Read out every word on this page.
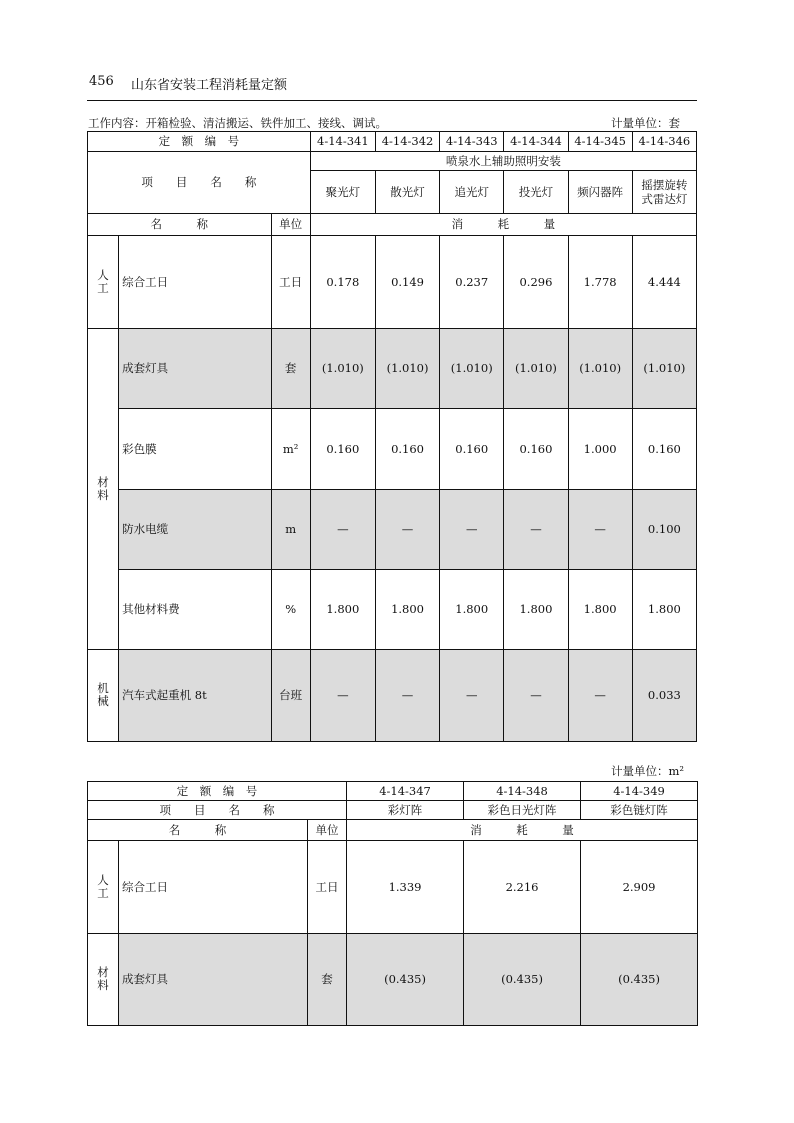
456 山东省安装工程消耗量定额
工作内容：开箱检验、清洁搬运、铁件加工、接线、调试。	计量单位：套
定　额　编　号			4-14-341	4-14-342	4-14-343	4-14-344	4-14-345	4-14-346
项　　目　　名　　称			喷泉水上辅助照明安装					
			聚光灯	散光灯	追光灯	投光灯	频闪器阵	摇摆旋转式雷达灯
名　　　称		单位	消　　　耗　　　量					
人工	综合工日	工日	0.178	0.149	0.237	0.296	1.778	4.444
材料	成套灯具	套	(1.010)	(1.010)	(1.010)	(1.010)	(1.010)	(1.010)
	彩色膜	m²	0.160	0.160	0.160	0.160	1.000	0.160
	防水电缆	m	—	—	—	—	—	0.100
	其他材料费	%	1.800	1.800	1.800	1.800	1.800	1.800
机械	汽车式起重机 8t	台班	—	—	—	—	—	0.033
计量单位：m²
定　额　编　号			4-14-347	4-14-348	4-14-349
项　　目　　名　　称			彩灯阵	彩色日光灯阵	彩色链灯阵
名　　　称		单位	消　　　耗　　　量		
人工	综合工日	工日	1.339	2.216	2.909
材料	成套灯具	套	(0.435)	(0.435)	(0.435)
